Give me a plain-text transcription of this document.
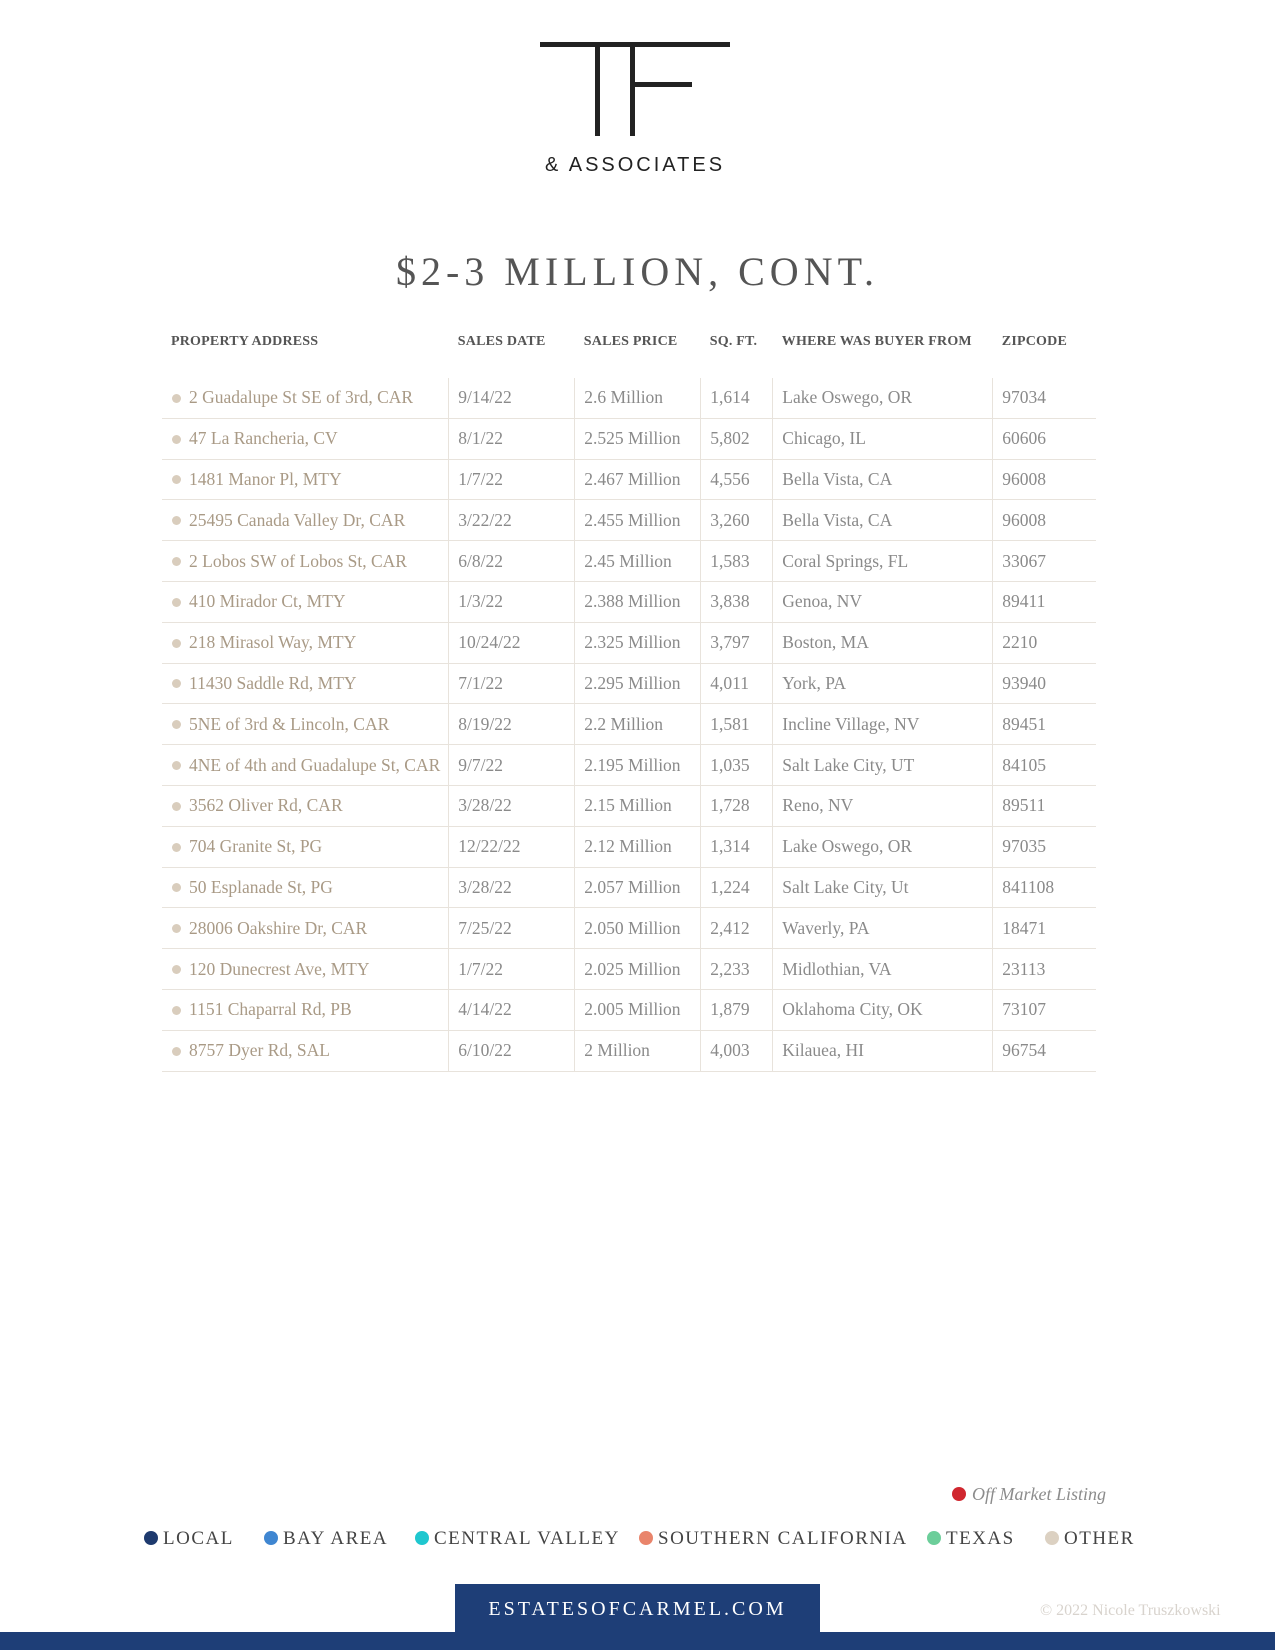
& ASSOCIATES
$2-3 MILLION, CONT.
PROPERTY ADDRESS	SALES DATE	SALES PRICE	SQ. FT.	WHERE WAS BUYER FROM	ZIPCODE
2 Guadalupe St SE of 3rd, CAR	9/14/22	2.6 Million	1,614	Lake Oswego, OR	97034
47 La Rancheria, CV	8/1/22	2.525 Million	5,802	Chicago, IL	60606
1481 Manor Pl, MTY	1/7/22	2.467 Million	4,556	Bella Vista, CA	96008
25495 Canada Valley Dr, CAR	3/22/22	2.455 Million	3,260	Bella Vista, CA	96008
2 Lobos SW of Lobos St, CAR	6/8/22	2.45 Million	1,583	Coral Springs, FL	33067
410 Mirador Ct, MTY	1/3/22	2.388 Million	3,838	Genoa, NV	89411
218 Mirasol Way, MTY	10/24/22	2.325 Million	3,797	Boston, MA	2210
11430 Saddle Rd, MTY	7/1/22	2.295 Million	4,011	York, PA	93940
5NE of 3rd & Lincoln, CAR	8/19/22	2.2 Million	1,581	Incline Village, NV	89451
4NE of 4th and Guadalupe St, CAR	9/7/22	2.195 Million	1,035	Salt Lake City, UT	84105
3562 Oliver Rd, CAR	3/28/22	2.15 Million	1,728	Reno, NV	89511
704 Granite St, PG	12/22/22	2.12 Million	1,314	Lake Oswego, OR	97035
50 Esplanade St, PG	3/28/22	2.057 Million	1,224	Salt Lake City, Ut	841108
28006 Oakshire Dr, CAR	7/25/22	2.050 Million	2,412	Waverly, PA	18471
120 Dunecrest Ave, MTY	1/7/22	2.025 Million	2,233	Midlothian, VA	23113
1151 Chaparral Rd, PB	4/14/22	2.005 Million	1,879	Oklahoma City, OK	73107
8757 Dyer Rd, SAL	6/10/22	2 Million	4,003	Kilauea, HI	96754
Off Market Listing
LOCAL	BAY AREA	CENTRAL VALLEY	SOUTHERN CALIFORNIA	TEXAS	OTHER
ESTATESOFCARMEL.COM	© 2022 Nicole Truszkowski
